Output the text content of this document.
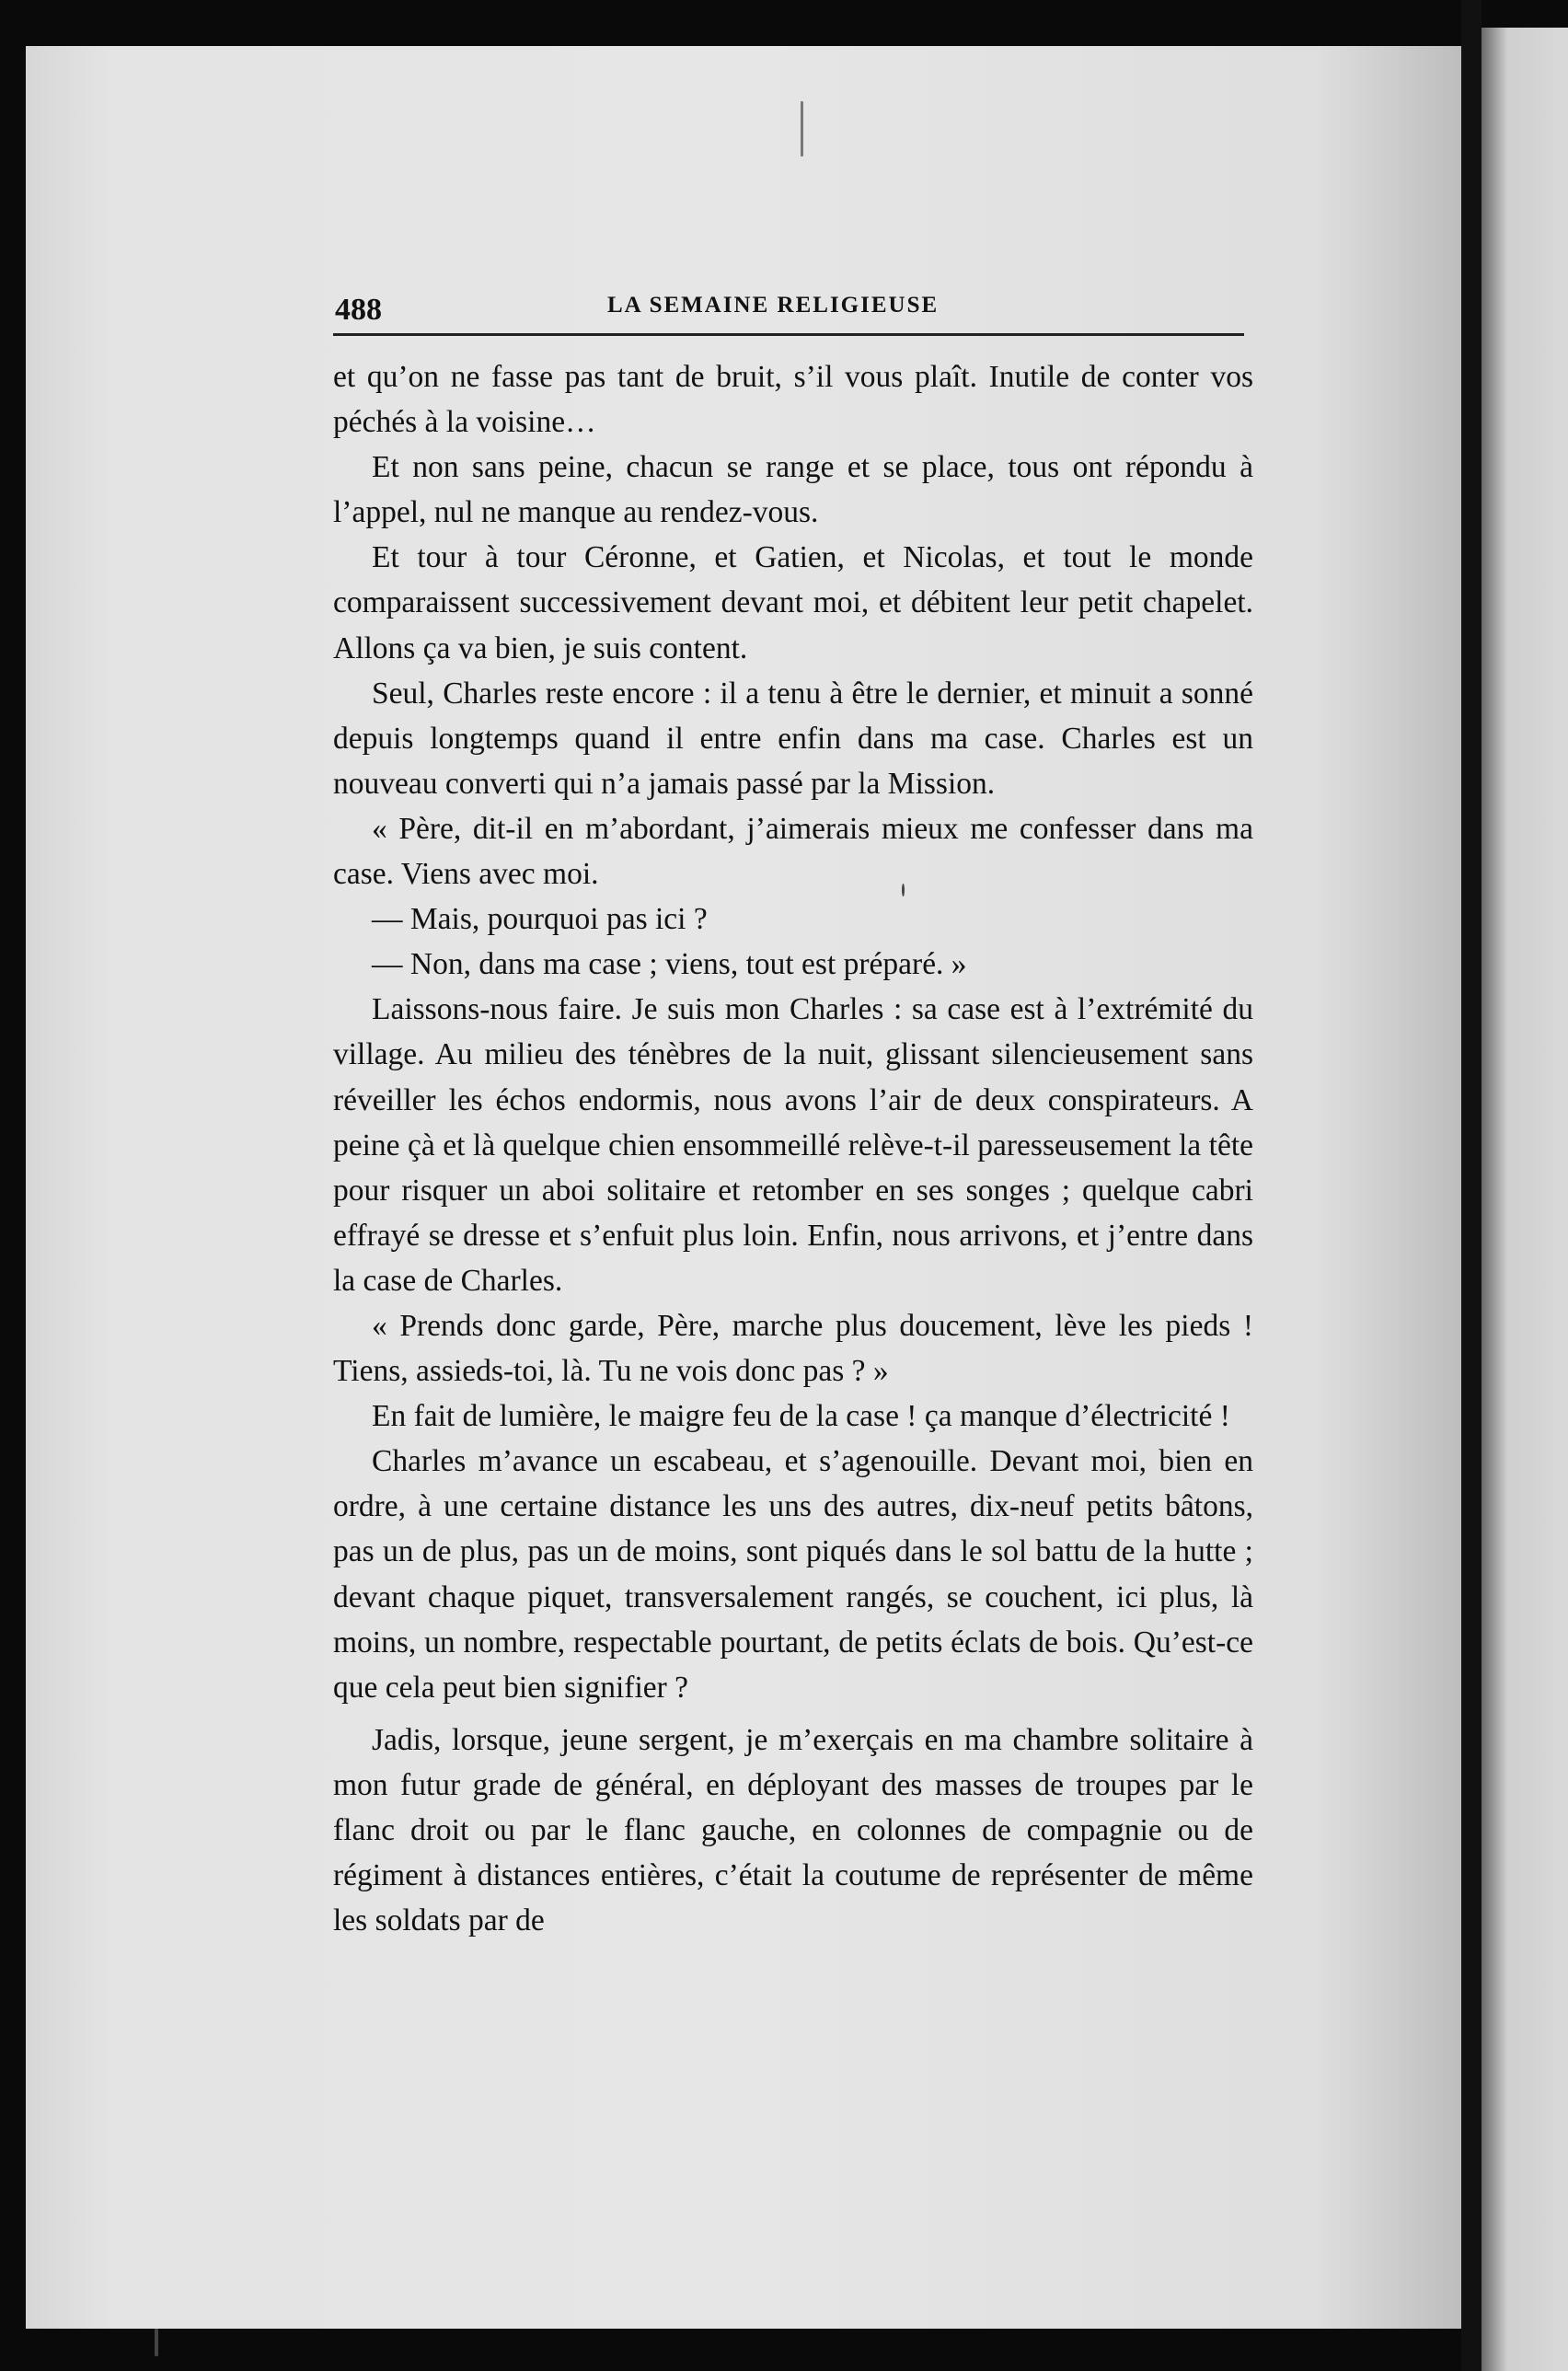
488	LA SEMAINE RELIGIEUSE

et qu’on ne fasse pas tant de bruit, s’il vous plaît. Inutile de conter vos péchés à la voisine…

Et non sans peine, chacun se range et se place, tous ont répondu à l’appel, nul ne manque au rendez-vous.

Et tour à tour Céronne, et Gatien, et Nicolas, et tout le monde comparaissent successivement devant moi, et débitent leur petit chapelet. Allons ça va bien, je suis content.

Seul, Charles reste encore : il a tenu à être le dernier, et minuit a sonné depuis longtemps quand il entre enfin dans ma case. Charles est un nouveau converti qui n’a jamais passé par la Mission.

« Père, dit-il en m’abordant, j’aimerais mieux me confesser dans ma case. Viens avec moi.

— Mais, pourquoi pas ici ?

— Non, dans ma case ; viens, tout est préparé. »

Laissons-nous faire. Je suis mon Charles : sa case est à l’extrémité du village. Au milieu des ténèbres de la nuit, glissant silencieusement sans réveiller les échos endormis, nous avons l’air de deux conspirateurs. A peine çà et là quelque chien ensommeillé relève-t-il paresseusement la tête pour risquer un aboi solitaire et retomber en ses songes ; quelque cabri effrayé se dresse et s’enfuit plus loin. Enfin, nous arrivons, et j’entre dans la case de Charles.

« Prends donc garde, Père, marche plus doucement, lève les pieds ! Tiens, assieds-toi, là. Tu ne vois donc pas ? »

En fait de lumière, le maigre feu de la case ! ça manque d’électricité !

Charles m’avance un escabeau, et s’agenouille. Devant moi, bien en ordre, à une certaine distance les uns des autres, dix-neuf petits bâtons, pas un de plus, pas un de moins, sont piqués dans le sol battu de la hutte ; devant chaque piquet, transversalement rangés, se couchent, ici plus, là moins, un nombre, respectable pourtant, de petits éclats de bois. Qu’est-ce que cela peut bien signifier ?

Jadis, lorsque, jeune sergent, je m’exerçais en ma chambre solitaire à mon futur grade de général, en déployant des masses de troupes par le flanc droit ou par le flanc gauche, en colonnes de compagnie ou de régiment à distances entières, c’était la coutume de représenter de même les soldats par de
